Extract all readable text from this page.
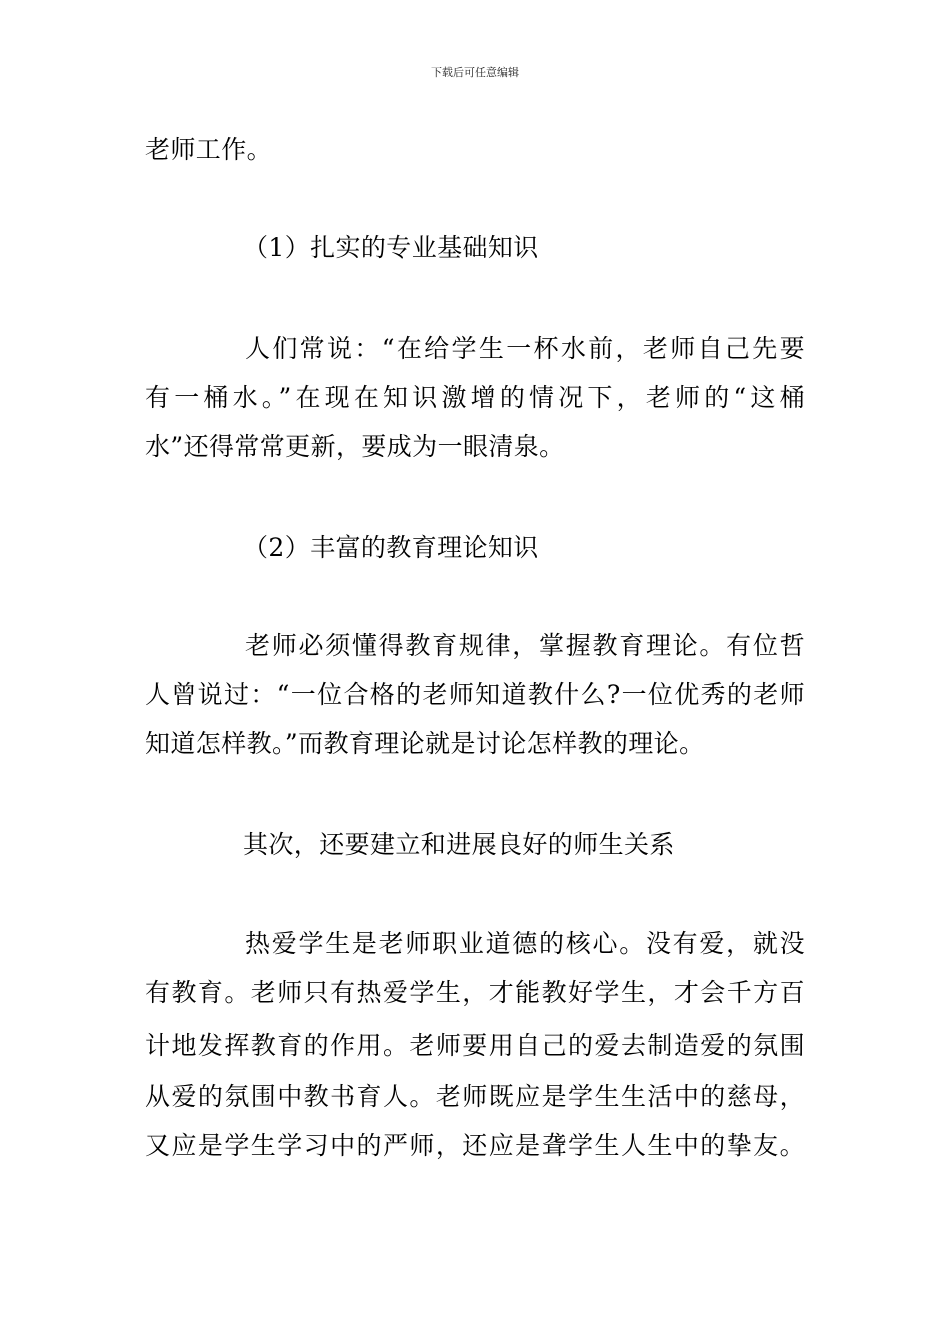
下载后可任意编辑
老师工作。
（1）扎实的专业基础知识
人们常说：“在给学生一杯水前，老师自己先要
有一桶水。”在现在知识激增的情况下，老师的“这桶
水”还得常常更新，要成为一眼清泉。
（2）丰富的教育理论知识
老师必须懂得教育规律，掌握教育理论。有位哲
人曾说过：“一位合格的老师知道教什么?一位优秀的老师
知道怎样教。”而教育理论就是讨论怎样教的理论。
其次，还要建立和进展良好的师生关系
热爱学生是老师职业道德的核心。没有爱，就没
有教育。老师只有热爱学生，才能教好学生，才会千方百
计地发挥教育的作用。老师要用自己的爱去制造爱的氛围
从爱的氛围中教书育人。老师既应是学生生活中的慈母，
又应是学生学习中的严师，还应是聋学生人生中的挚友。
